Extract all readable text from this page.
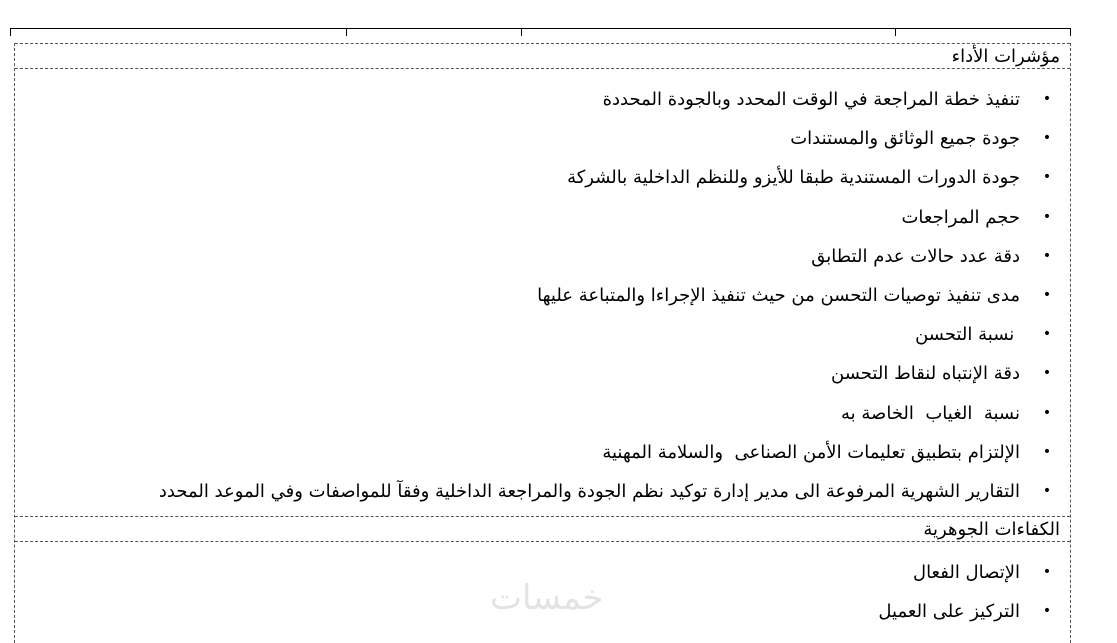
مؤشرات الأداء
•
تنفيذ خطة المراجعة في الوقت المحدد وبالجودة المحددة
•
جودة جميع الوثائق والمستندات
•
جودة الدورات المستندية طبقا للأيزو وللنظم الداخلية بالشركة
•
حجم المراجعات
•
دقة عدد حالات عدم التطابق
•
مدى تنفيذ توصيات التحسن من حيث تنفيذ الإجراءا والمتباعة عليها
•
نسبة التحسن
•
دقة الإنتباه لنقاط التحسن
•
نسبة  الغياب  الخاصة به
•
الإلتزام بتطبيق تعليمات الأمن الصناعى  والسلامة المهنية
•
التقارير الشهرية المرفوعة الى مدير إدارة توكيد نظم الجودة والمراجعة الداخلية وفقآ للمواصفات وفي الموعد المحدد
الكفاءات الجوهرية
•
الإتصال الفعال
•
التركيز على العميل
خمسات
